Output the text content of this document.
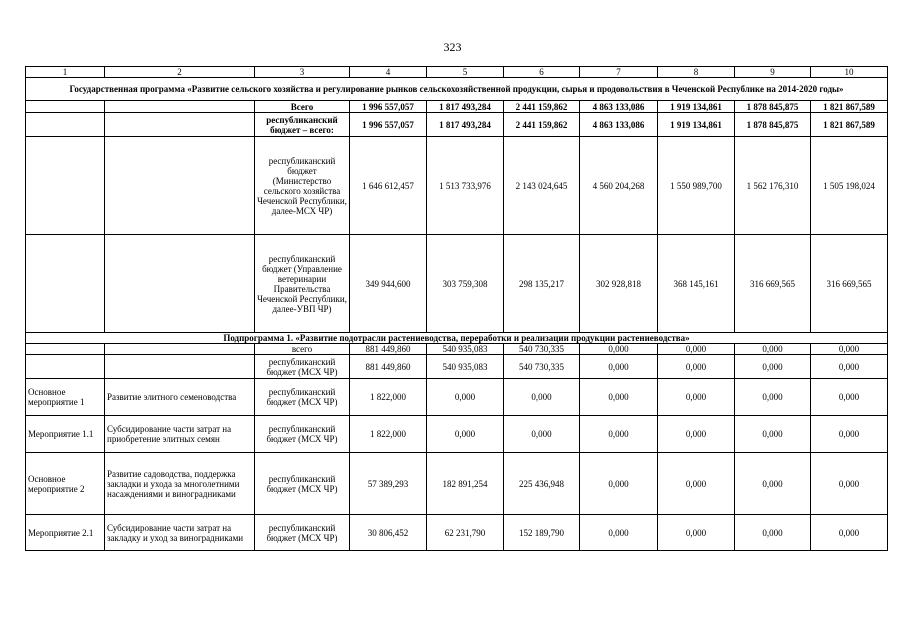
323
1	2	3	4	5	6	7	8	9	10
Государственная программа «Развитие сельского хозяйства и регулирование рынков сельскохозяйственной продукции, сырья и продовольствия в Чеченской Республике на 2014-2020 годы»									
		Всего	1 996 557,057	1 817 493,284	2 441 159,862	4 863 133,086	1 919 134,861	1 878 845,875	1 821 867,589
		республиканский бюджет – всего:	1 996 557,057	1 817 493,284	2 441 159,862	4 863 133,086	1 919 134,861	1 878 845,875	1 821 867,589
		республиканский бюджет (Министерство сельского хозяйства Чеченской Республики, далее-МСХ ЧР)	1 646 612,457	1 513 733,976	2 143 024,645	4 560 204,268	1 550 989,700	1 562 176,310	1 505 198,024
		республиканский бюджет (Управление ветеринарии Правительства Чеченской Республики, далее-УВП ЧР)	349 944,600	303 759,308	298 135,217	302 928,818	368 145,161	316 669,565	316 669,565
Подпрограмма 1. «Развитие подотрасли растениеводства, переработки и реализации продукции растениеводства»									
		всего	881 449,860	540 935,083	540 730,335	0,000	0,000	0,000	0,000
		республиканский бюджет (МСХ ЧР)	881 449,860	540 935,083	540 730,335	0,000	0,000	0,000	0,000
Основное мероприятие 1	Развитие элитного семеноводства	республиканский бюджет (МСХ ЧР)	1 822,000	0,000	0,000	0,000	0,000	0,000	0,000
Мероприятие 1.1	Субсидирование части затрат на приобретение элитных семян	республиканский бюджет (МСХ ЧР)	1 822,000	0,000	0,000	0,000	0,000	0,000	0,000
Основное мероприятие 2	Развитие садоводства, поддержка закладки и ухода за многолетними насаждениями и виноградниками	республиканский бюджет (МСХ ЧР)	57 389,293	182 891,254	225 436,948	0,000	0,000	0,000	0,000
Мероприятие 2.1	Субсидирование части затрат на закладку и уход за виноградниками	республиканский бюджет (МСХ ЧР)	30 806,452	62 231,790	152 189,790	0,000	0,000	0,000	0,000
